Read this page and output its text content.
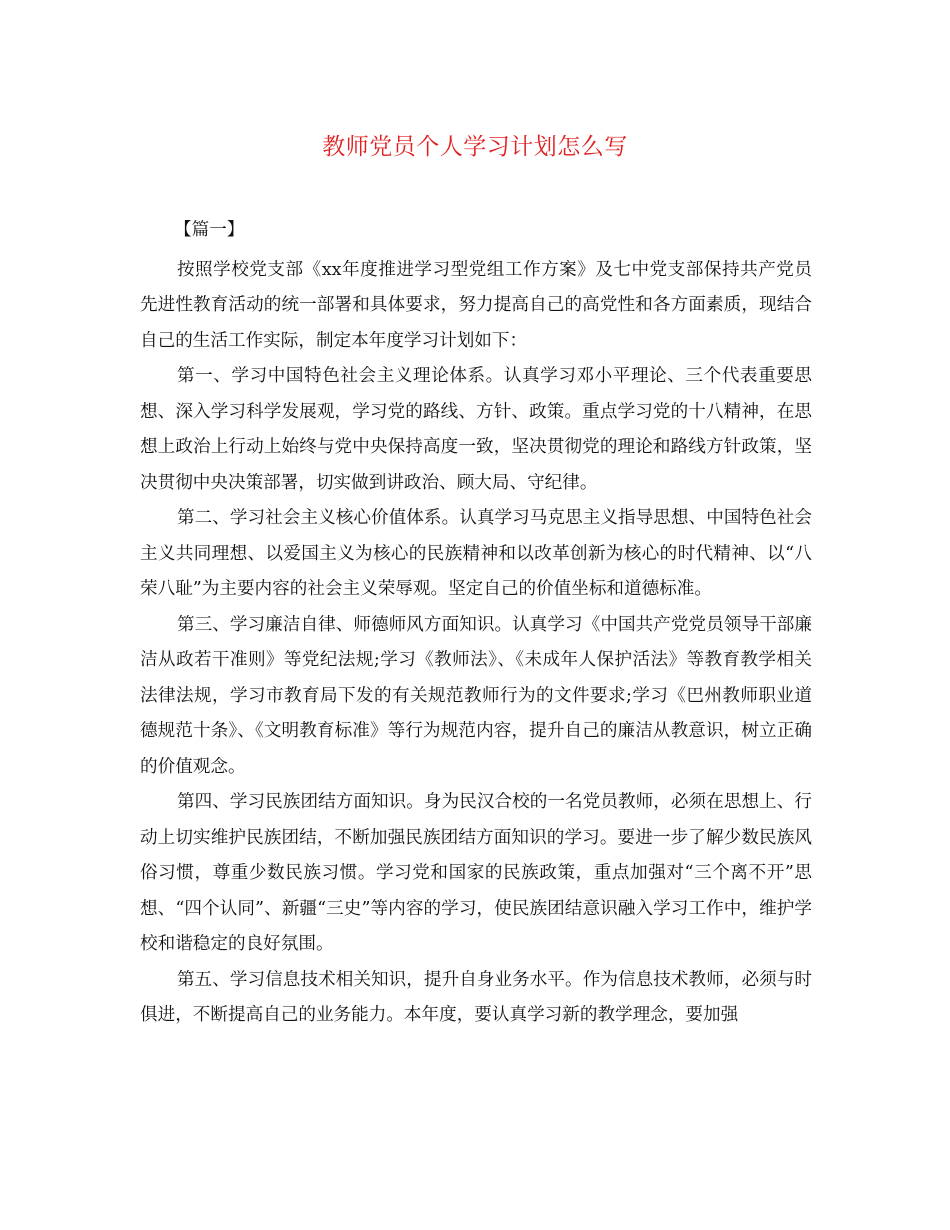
教师党员个人学习计划怎么写
【篇一】

按照学校党支部《xx年度推进学习型党组工作方案》及七中党支部保持共产党员先进性教育活动的统一部署和具体要求，努力提高自己的高党性和各方面素质，现结合自己的生活工作实际，制定本年度学习计划如下：

第一、学习中国特色社会主义理论体系。认真学习邓小平理论、三个代表重要思想、深入学习科学发展观，学习党的路线、方针、政策。重点学习党的十八精神，在思想上政治上行动上始终与党中央保持高度一致，坚决贯彻党的理论和路线方针政策，坚决贯彻中央决策部署，切实做到讲政治、顾大局、守纪律。

第二、学习社会主义核心价值体系。认真学习马克思主义指导思想、中国特色社会主义共同理想、以爱国主义为核心的民族精神和以改革创新为核心的时代精神、以“八荣八耻”为主要内容的社会主义荣辱观。坚定自己的价值坐标和道德标准。

第三、学习廉洁自律、师德师风方面知识。认真学习《中国共产党党员领导干部廉洁从政若干准则》等党纪法规;学习《教师法》、《未成年人保护活法》等教育教学相关法律法规，学习市教育局下发的有关规范教师行为的文件要求;学习《巴州教师职业道德规范十条》、《文明教育标准》等行为规范内容，提升自己的廉洁从教意识，树立正确的价值观念。

第四、学习民族团结方面知识。身为民汉合校的一名党员教师，必须在思想上、行动上切实维护民族团结，不断加强民族团结方面知识的学习。要进一步了解少数民族风俗习惯，尊重少数民族习惯。学习党和国家的民族政策，重点加强对“三个离不开”思想、“四个认同”、新疆“三史”等内容的学习，使民族团结意识融入学习工作中，维护学校和谐稳定的良好氛围。

第五、学习信息技术相关知识，提升自身业务水平。作为信息技术教师，必须与时俱进，不断提高自己的业务能力。本年度，要认真学习新的教学理念，要加强
